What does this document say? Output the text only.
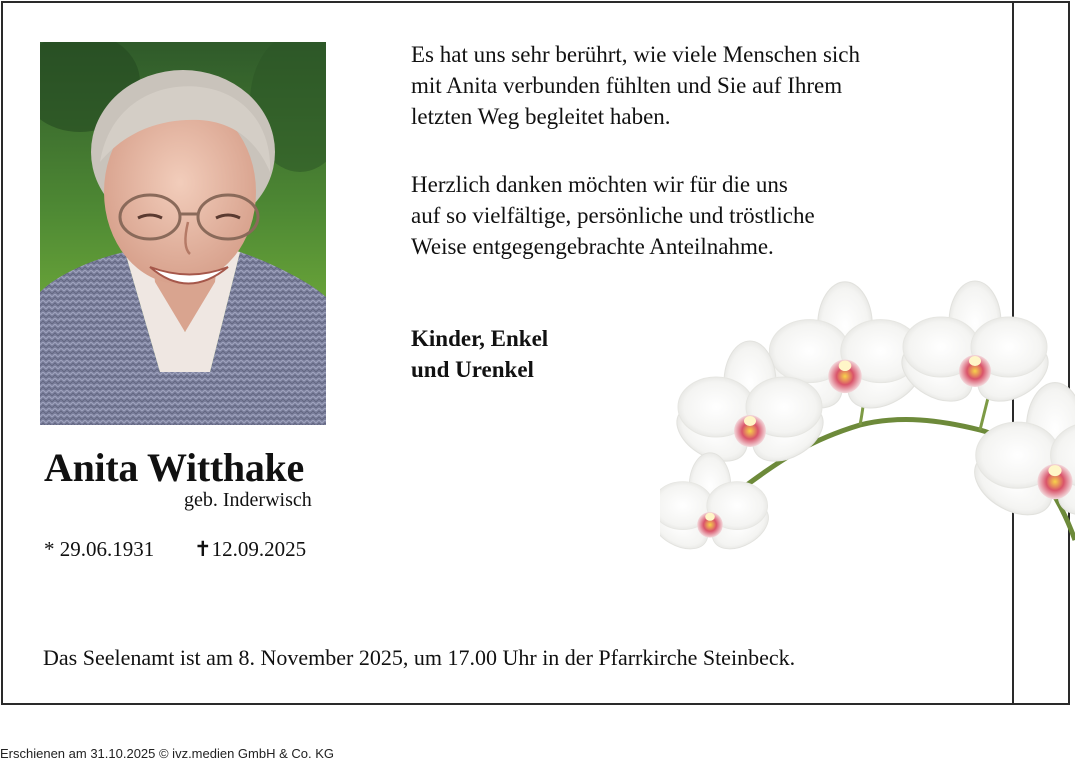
Anita Witthake
geb. Inderwisch
* 29.06.1931 ✝12.09.2025
Es hat uns sehr berührt, wie viele Menschen sich
mit Anita verbunden fühlten und Sie auf Ihrem
letzten Weg begleitet haben.
Herzlich danken möchten wir für die uns
auf so vielfältige, persönliche und tröstliche
Weise entgegengebrachte Anteilnahme.
Kinder, Enkel
und Urenkel
Das Seelenamt ist am 8. November 2025, um 17.00 Uhr in der Pfarrkirche Steinbeck.
Erschienen am 31.10.2025 © ivz.medien GmbH & Co. KG
